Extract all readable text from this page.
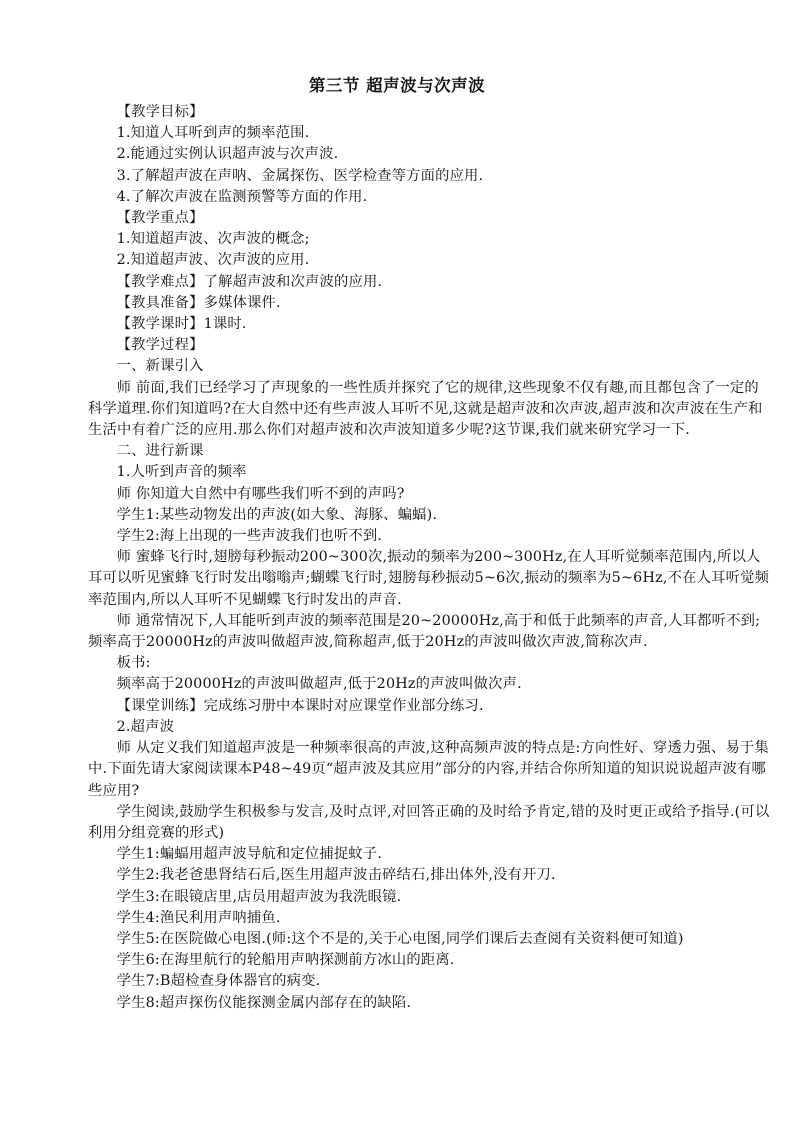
第三节 超声波与次声波

【教学目标】

1.知道人耳听到声的频率范围.

2.能通过实例认识超声波与次声波.

3.了解超声波在声呐、金属探伤、医学检查等方面的应用.

4.了解次声波在监测预警等方面的作用.

【教学重点】

1.知道超声波、次声波的概念;

2.知道超声波、次声波的应用.

【教学难点】了解超声波和次声波的应用.

【教具准备】多媒体课件.

【教学课时】1课时.

【教学过程】

一、新课引入

师 前面,我们已经学习了声现象的一些性质并探究了它的规律,这些现象不仅有趣,而且都包含了一定的科学道理.你们知道吗?在大自然中还有些声波人耳听不见,这就是超声波和次声波,超声波和次声波在生产和生活中有着广泛的应用.那么你们对超声波和次声波知道多少呢?这节课,我们就来研究学习一下.

二、进行新课

1.人听到声音的频率

师 你知道大自然中有哪些我们听不到的声吗?

学生1:某些动物发出的声波(如大象、海豚、蝙蝠).

学生2:海上出现的一些声波我们也听不到.

师 蜜蜂飞行时,翅膀每秒振动200~300次,振动的频率为200~300Hz,在人耳听觉频率范围内,所以人耳可以听见蜜蜂飞行时发出嗡嗡声;蝴蝶飞行时,翅膀每秒振动5~6次,振动的频率为5~6Hz,不在人耳听觉频率范围内,所以人耳听不见蝴蝶飞行时发出的声音.

师 通常情况下,人耳能听到声波的频率范围是20~20000Hz,高于和低于此频率的声音,人耳都听不到;频率高于20000Hz的声波叫做超声波,简称超声,低于20Hz的声波叫做次声波,简称次声.

板书:

频率高于20000Hz的声波叫做超声,低于20Hz的声波叫做次声.

【课堂训练】完成练习册中本课时对应课堂作业部分练习.

2.超声波

师 从定义我们知道超声波是一种频率很高的声波,这种高频声波的特点是:方向性好、穿透力强、易于集中.下面先请大家阅读课本P48~49页“超声波及其应用”部分的内容,并结合你所知道的知识说说超声波有哪些应用?

学生阅读,鼓励学生积极参与发言,及时点评,对回答正确的及时给予肯定,错的及时更正或给予指导.(可以利用分组竞赛的形式)

学生1:蝙蝠用超声波导航和定位捕捉蚊子.

学生2:我老爸患肾结石后,医生用超声波击碎结石,排出体外,没有开刀.

学生3:在眼镜店里,店员用超声波为我洗眼镜.

学生4:渔民利用声呐捕鱼.

学生5:在医院做心电图.(师:这个不是的,关于心电图,同学们课后去查阅有关资料便可知道)

学生6:在海里航行的轮船用声呐探测前方冰山的距离.

学生7:B超检查身体器官的病变.

学生8:超声探伤仪能探测金属内部存在的缺陷.
